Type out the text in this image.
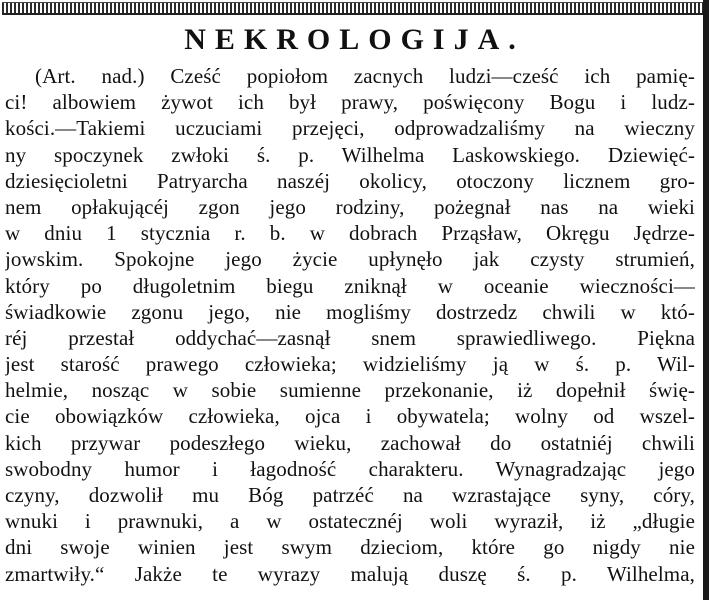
NEKROLOGIJA.
(Art. nad.) Cześć popiołom zacnych ludzi—cześć ich pamię-
ci! albowiem żywot ich był prawy, poświęcony Bogu i ludz-
kości.—Takiemi uczuciami przejęci, odprowadzaliśmy na wieczny
ny spoczynek zwłoki ś. p. Wilhelma Laskowskiego. Dziewięć-
dziesięcioletni Patryarcha naszéj okolicy, otoczony licznem gro-
nem opłakującéj zgon jego rodziny, pożegnał nas na wieki
w dniu 1 stycznia r. b. w dobrach Prząsław, Okręgu Jędrze-
jowskim. Spokojne jego życie upłynęło jak czysty strumień,
który po długoletnim biegu zniknął w oceanie wieczności—
świadkowie zgonu jego, nie mogliśmy dostrzedz chwili w któ-
réj przestał oddychać—zasnął snem sprawiedliwego. Piękna
jest starość prawego człowieka; widzieliśmy ją w ś. p. Wil-
helmie, nosząc w sobie sumienne przekonanie, iż dopełnił świę-
cie obowiązków człowieka, ojca i obywatela; wolny od wszel-
kich przywar podeszłego wieku, zachował do ostatniéj chwili
swobodny humor i łagodność charakteru. Wynagradzając jego
czyny, dozwolił mu Bóg patrzéć na wzrastające syny, córy,
wnuki i prawnuki, a w ostatecznéj woli wyraził, iż „długie
dni swoje winien jest swym dzieciom, które go nigdy nie
zmartwiły.“ Jakże te wyrazy malują duszę ś. p. Wilhelma,
